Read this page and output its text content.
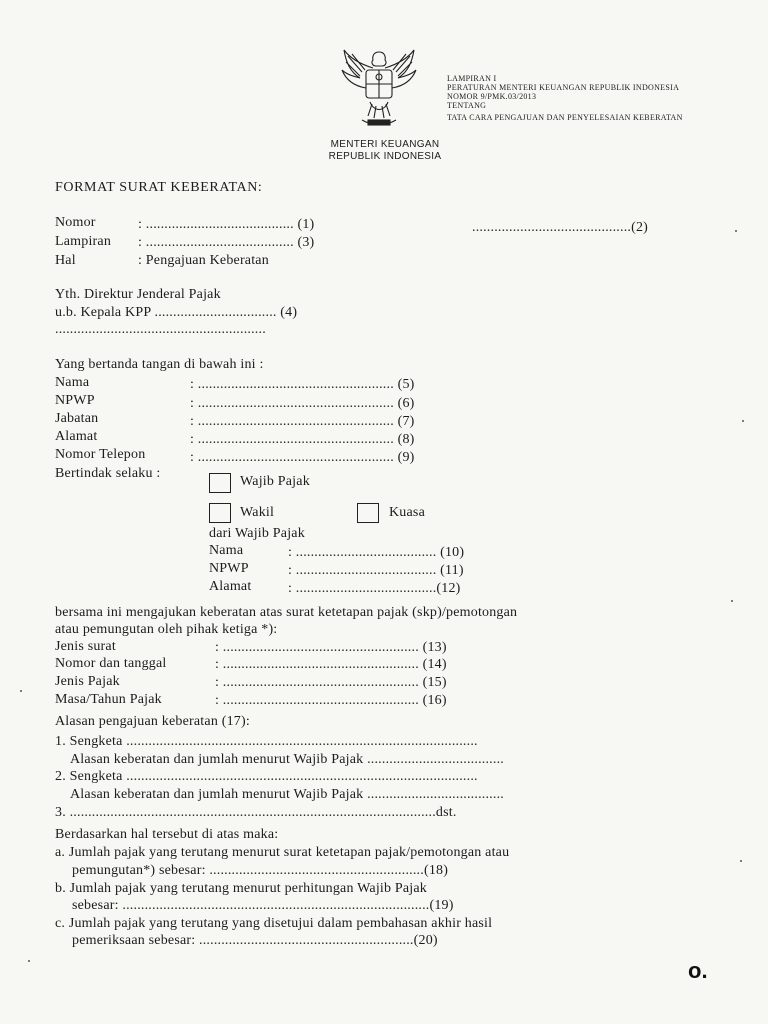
LAMPIRAN I
PERATURAN MENTERI KEUANGAN REPUBLIK INDONESIA
NOMOR 9/PMK.03/2013
TENTANG
TATA CARA PENGAJUAN DAN PENYELESAIAN KEBERATAN
MENTERI KEUANGAN
REPUBLIK INDONESIA
FORMAT SURAT KEBERATAN:
Nomor	: ........................................ (1)
Lampiran : ........................................ (3)
Hal	: Pengajuan Keberatan
...........................................(2)
Yth. Direktur Jenderal Pajak
u.b. Kepala KPP ................................. (4)
.........................................................
Yang bertanda tangan di bawah ini :
Nama	: ..................................................... (5)
NPWP	: ..................................................... (6)
Jabatan	: ..................................................... (7)
Alamat	: ..................................................... (8)
Nomor Telepon	: ..................................................... (9)
Bertindak selaku :
Wajib Pajak
Wakil	Kuasa
dari Wajib Pajak
Nama	: ...................................... (10)
NPWP	: ...................................... (11)
Alamat	: ......................................(12)
bersama ini mengajukan keberatan atas surat ketetapan pajak (skp)/pemotongan
atau pemungutan oleh pihak ketiga *):
Jenis surat	: ..................................................... (13)
Nomor dan tanggal	: ..................................................... (14)
Jenis Pajak	: ..................................................... (15)
Masa/Tahun Pajak	: ..................................................... (16)
Alasan pengajuan keberatan (17):
1. Sengketa ...............................................................................................
Alasan keberatan dan jumlah menurut Wajib Pajak .....................................
2. Sengketa ...............................................................................................
Alasan keberatan dan jumlah menurut Wajib Pajak .....................................
3. ...................................................................................................dst.
Berdasarkan hal tersebut di atas maka:
a. Jumlah pajak yang terutang menurut surat ketetapan pajak/pemotongan atau
pemungutan*) sebesar: ..........................................................(18)
b. Jumlah pajak yang terutang menurut perhitungan Wajib Pajak
sebesar: ...................................................................................(19)
c. Jumlah pajak yang terutang yang disetujui dalam pembahasan akhir hasil
pemeriksaan sebesar: ..........................................................(20)
o.
